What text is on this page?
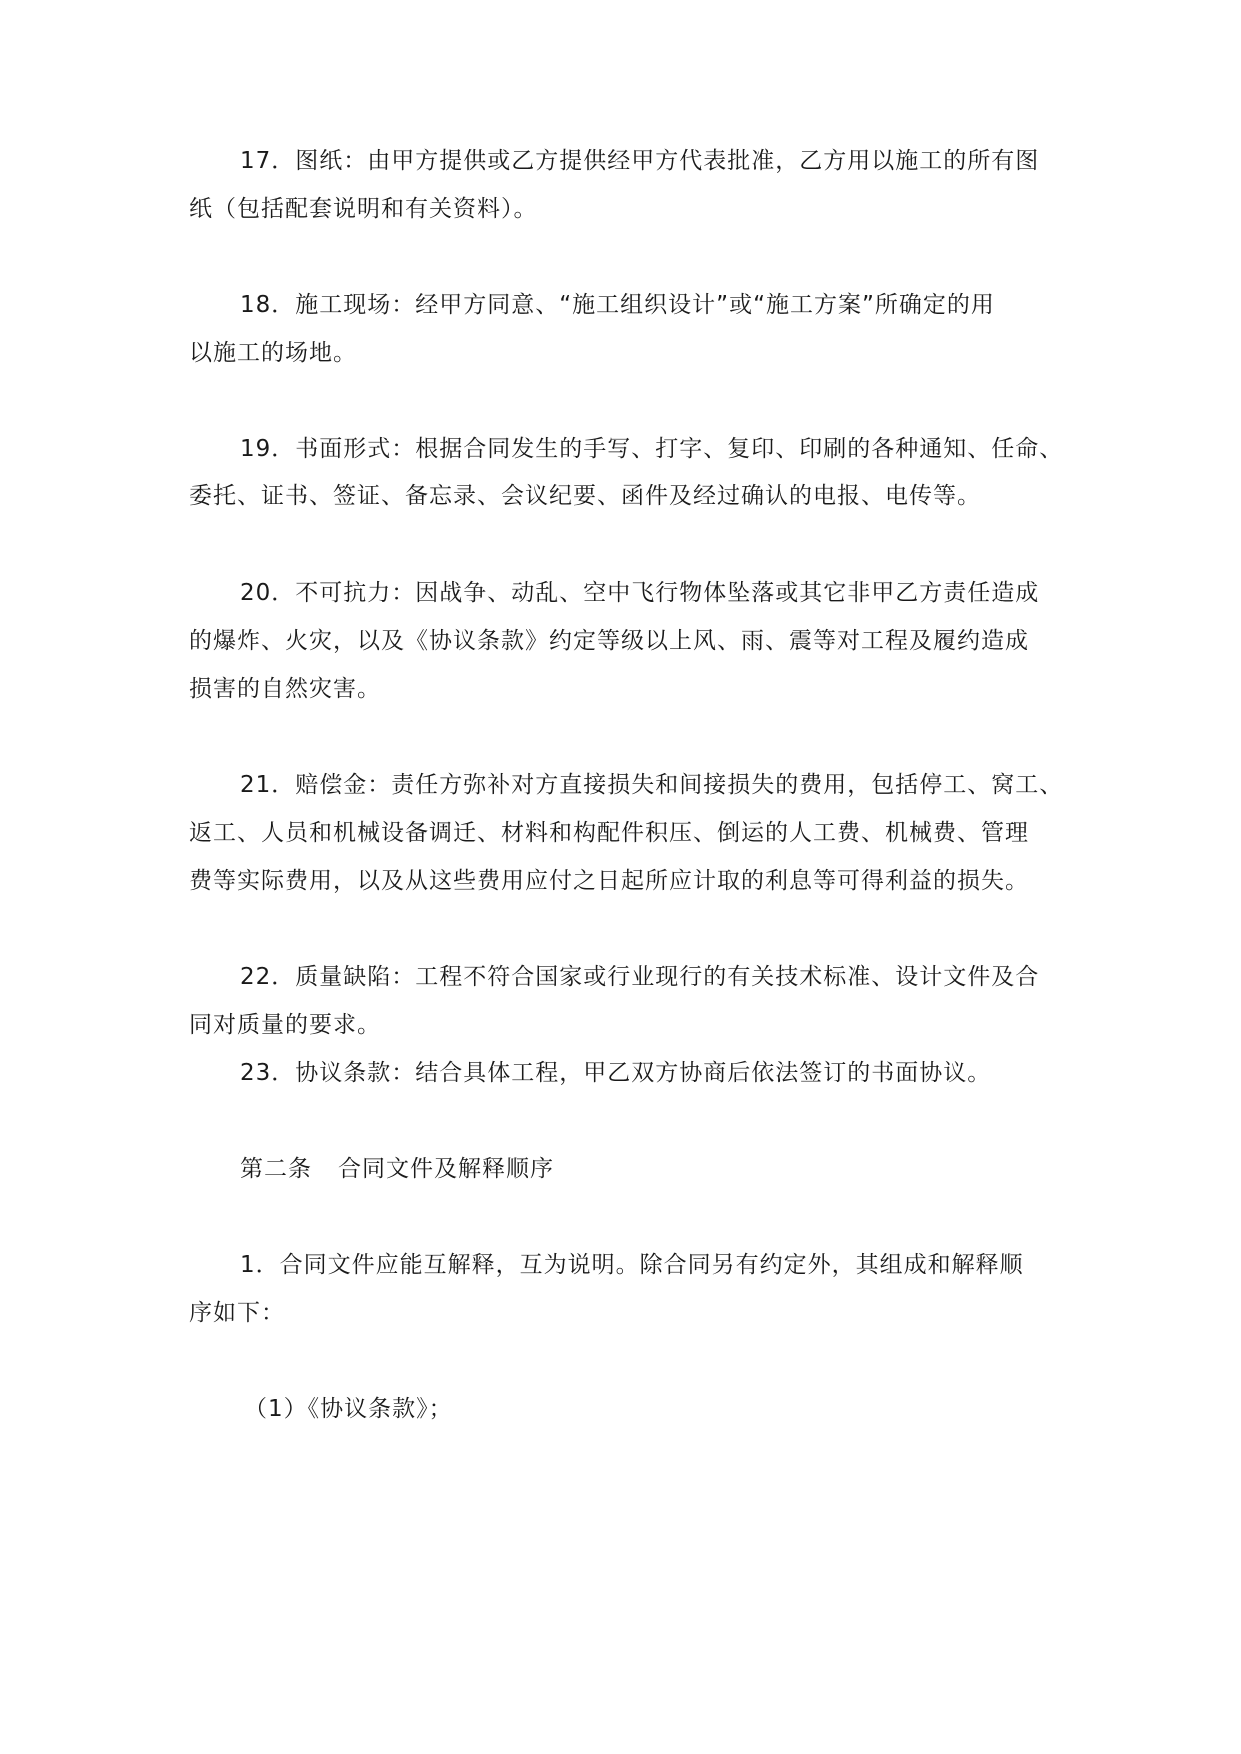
17．图纸：由甲方提供或乙方提供经甲方代表批准，乙方用以施工的所有图
纸（包括配套说明和有关资料）。
18．施工现场：经甲方同意、“施工组织设计”或“施工方案”所确定的用
以施工的场地。
19．书面形式：根据合同发生的手写、打字、复印、印刷的各种通知、任命、
委托、证书、签证、备忘录、会议纪要、函件及经过确认的电报、电传等。
20．不可抗力：因战争、动乱、空中飞行物体坠落或其它非甲乙方责任造成
的爆炸、火灾，以及《协议条款》约定等级以上风、雨、震等对工程及履约造成
损害的自然灾害。
21．赔偿金：责任方弥补对方直接损失和间接损失的费用，包括停工、窝工、
返工、人员和机械设备调迁、材料和构配件积压、倒运的人工费、机械费、管理
费等实际费用，以及从这些费用应付之日起所应计取的利息等可得利益的损失。
22．质量缺陷：工程不符合国家或行业现行的有关技术标准、设计文件及合
同对质量的要求。
23．协议条款：结合具体工程，甲乙双方协商后依法签订的书面协议。
第二条 合同文件及解释顺序
1．合同文件应能互解释，互为说明。除合同另有约定外，其组成和解释顺
序如下：
（1）《协议条款》；
